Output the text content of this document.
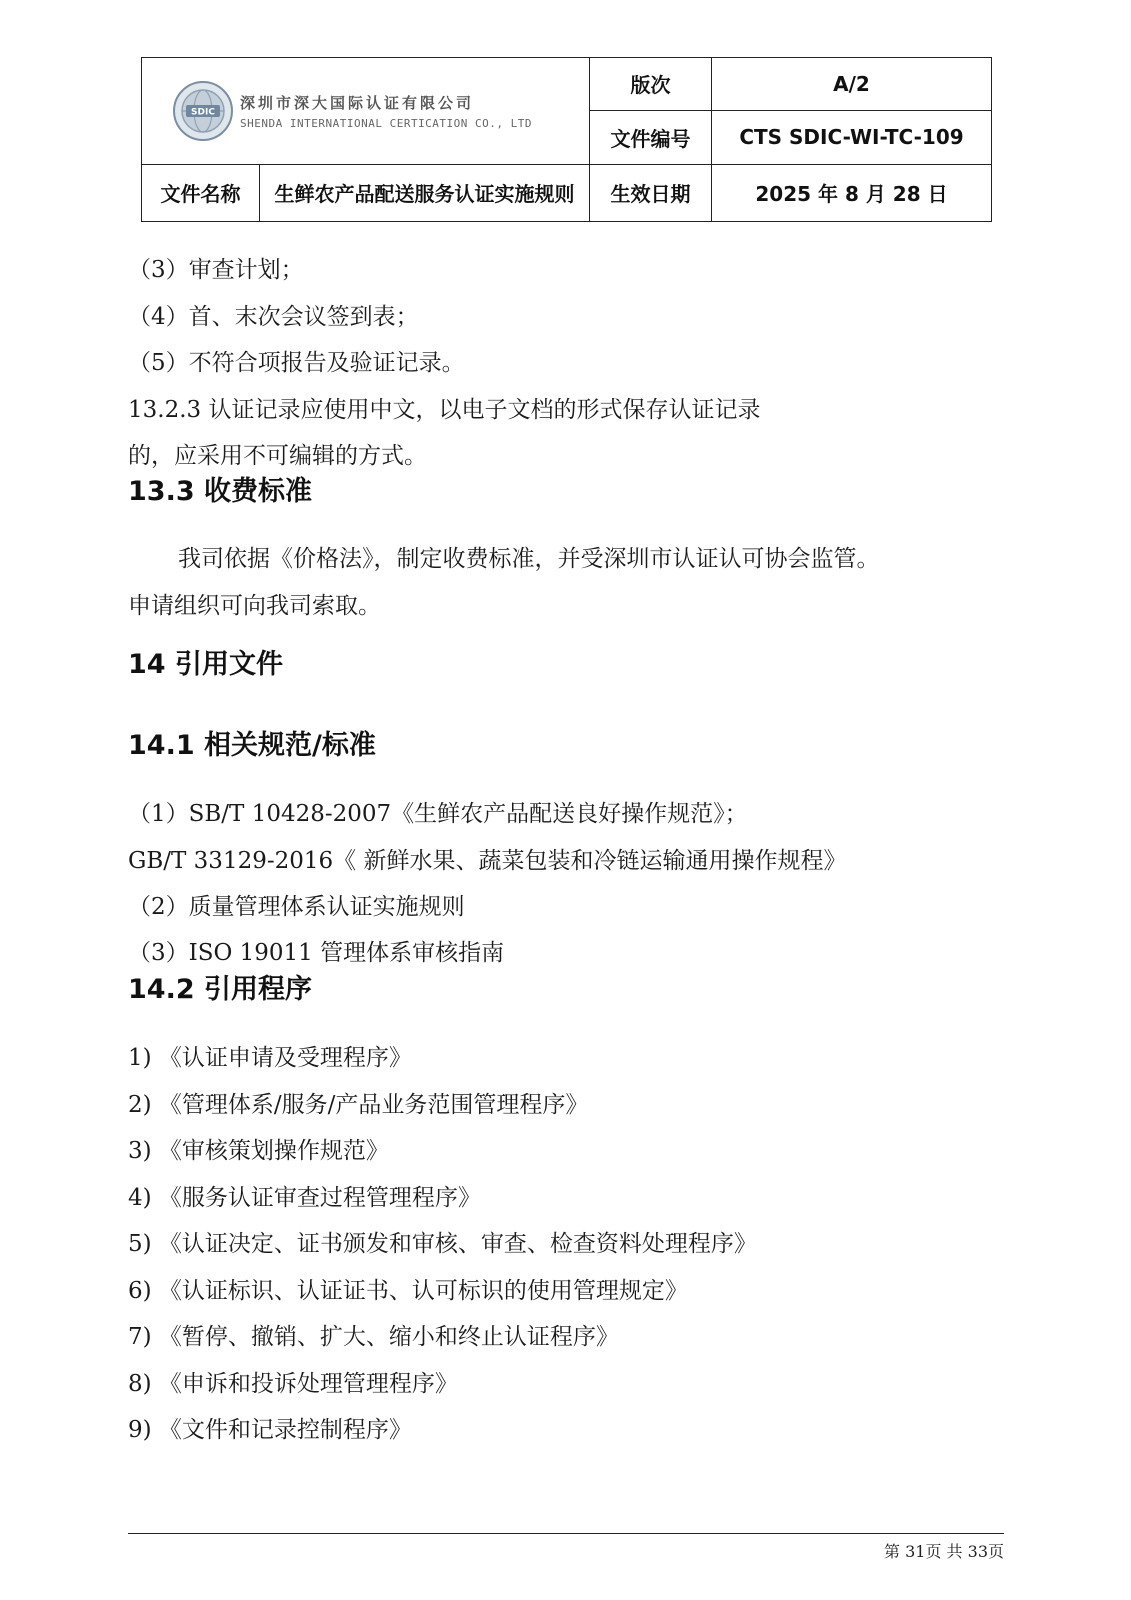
SDIC
深圳市深大国际认证有限公司
SHENDA INTERNATIONAL CERTICATION CO., LTD		版次	A/2
		文件编号	CTS SDIC-WI-TC-109
文件名称	生鲜农产品配送服务认证实施规则	生效日期	2025 年 8 月 28 日
（3）审查计划；
（4）首、末次会议签到表；
（5）不符合项报告及验证记录。
13.2.3 认证记录应使用中文，以电子文档的形式保存认证记录
的，应采用不可编辑的方式。
13.3 收费标准
我司依据《价格法》，制定收费标准，并受深圳市认证认可协会监管。
申请组织可向我司索取。
14 引用文件
14.1 相关规范/标准
（1）SB/T 10428-2007《生鲜农产品配送良好操作规范》；
GB/T 33129-2016《 新鲜水果、蔬菜包装和冷链运输通用操作规程》
（2）质量管理体系认证实施规则
（3）ISO 19011 管理体系审核指南
14.2 引用程序
1) 《认证申请及受理程序》
2) 《管理体系/服务/产品业务范围管理程序》
3) 《审核策划操作规范》
4) 《服务认证审查过程管理程序》
5) 《认证决定、证书颁发和审核、审查、检查资料处理程序》
6) 《认证标识、认证证书、认可标识的使用管理规定》
7) 《暂停、撤销、扩大、缩小和终止认证程序》
8) 《申诉和投诉处理管理程序》
9) 《文件和记录控制程序》
第 31页 共 33页
